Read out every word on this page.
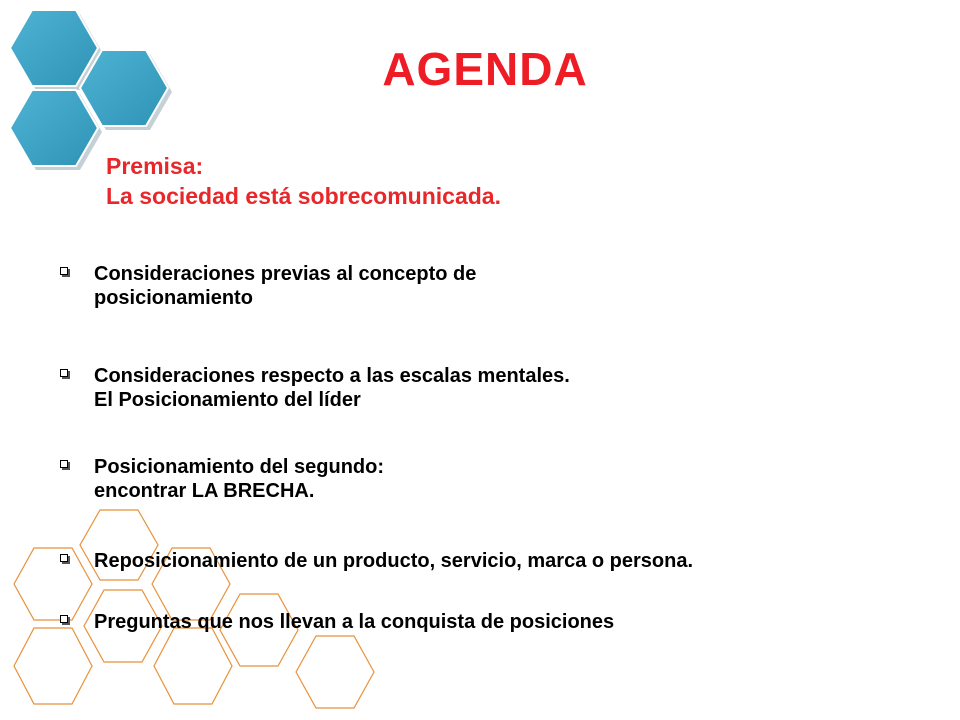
AGENDA
Premisa:
La sociedad está sobrecomunicada.
Consideraciones previas al concepto de
posicionamiento
Consideraciones respecto a las escalas mentales.
El Posicionamiento del líder
Posicionamiento del segundo:
encontrar LA BRECHA.
Reposicionamiento de un producto, servicio, marca o persona.
Preguntas que nos llevan a la conquista de posiciones
